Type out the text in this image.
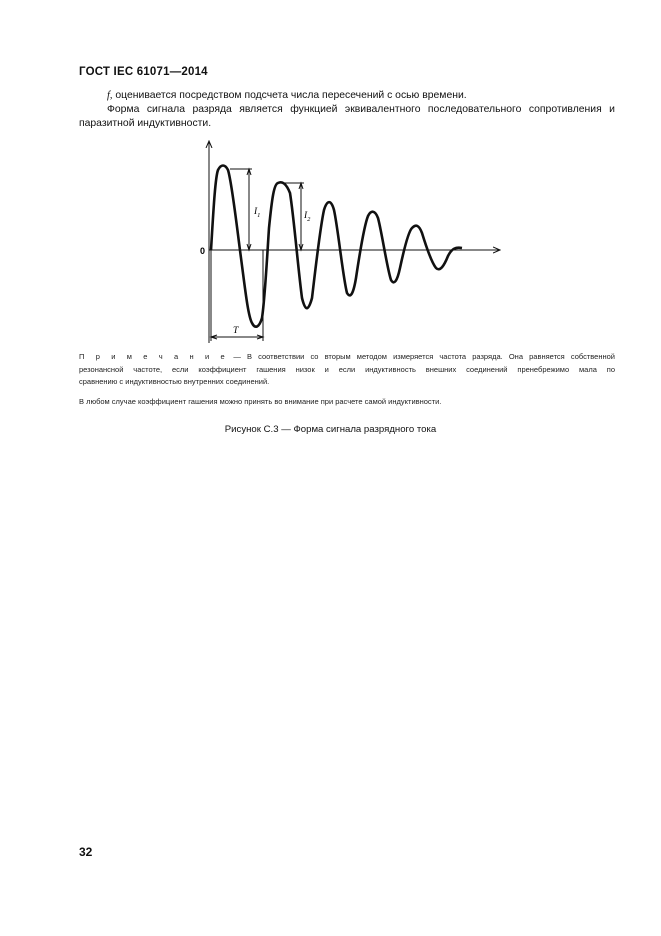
ГОСТ IEC 61071—2014
f, оценивается посредством подсчета числа пересечений с осью времени.
Форма сигнала разряда является функцией эквивалентного последовательного сопротивления и
паразитной индуктивности.
0
$I_1$	$I_2$
T
П р и м е ч а н и е — В соответствии со вторым методом измеряется частота разряда. Она равняется собственной
резонансной частоте, если коэффициент гашения низок и если индуктивность внешних соединений пренебрежимо мала по
сравнению с индуктивностью внутренних соединений.
В любом случае коэффициент гашения можно принять во внимание при расчете самой индуктивности.
Рисунок С.3 — Форма сигнала разрядного тока
32
